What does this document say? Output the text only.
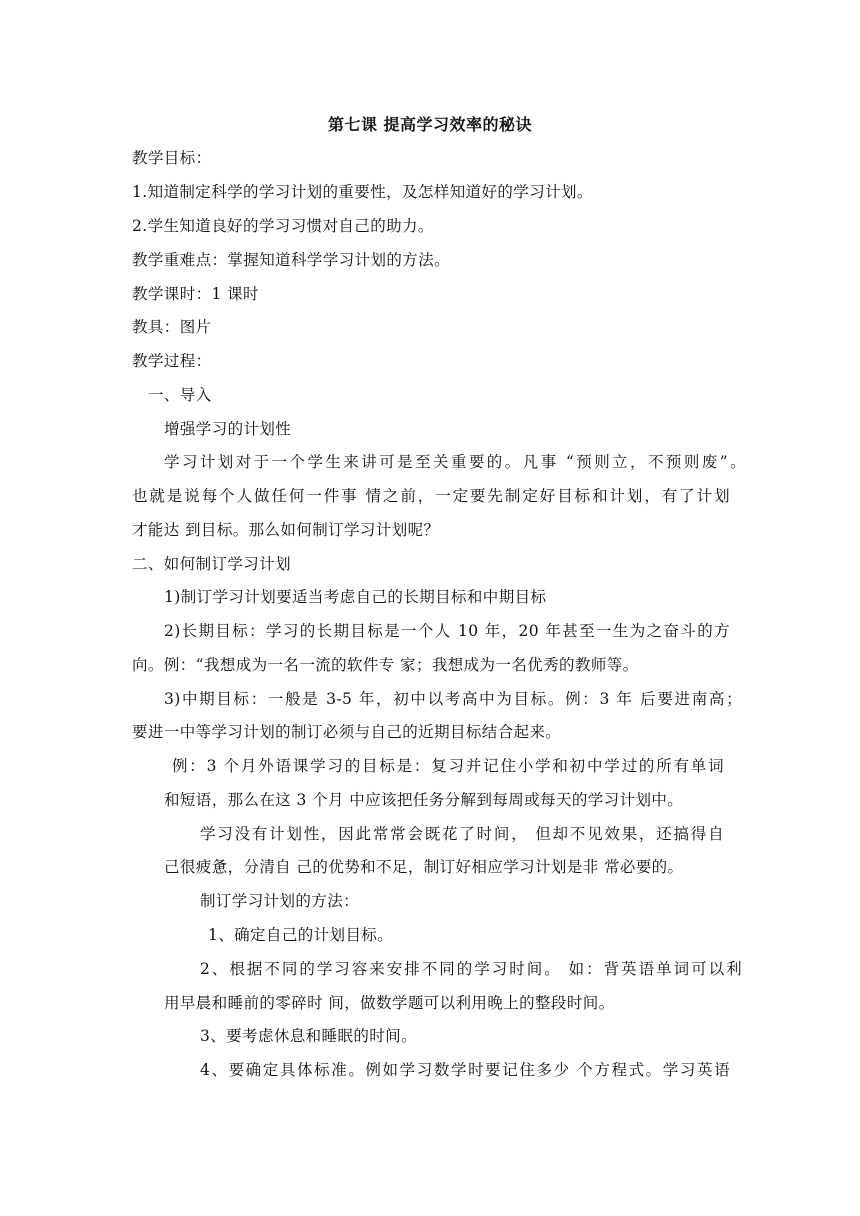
第七课 提高学习效率的秘诀
教学目标：
1.知道制定科学的学习计划的重要性，及怎样知道好的学习计划。
2.学生知道良好的学习习惯对自己的助力。
教学重难点：掌握知道科学学习计划的方法。
教学课时：1 课时
教具：图片
教学过程：
一、导入
增强学习的计划性
学习计划对于一个学生来讲可是至关重要的。凡事 “预则立，不预则废”。
也就是说每个人做任何一件事 情之前，一定要先制定好目标和计划，有了计划
才能达 到目标。那么如何制订学习计划呢？
二、如何制订学习计划
1)制订学习计划要适当考虑自己的长期目标和中期目标
2)长期目标：学习的长期目标是一个人 10 年，20 年甚至一生为之奋斗的方
向。例：“我想成为一名一流的软件专 家；我想成为一名优秀的教师等。
3)中期目标：一般是 3-5 年，初中以考高中为目标。例：3 年 后要进南高；
要进一中等学习计划的制订必须与自己的近期目标结合起来。
例：3 个月外语课学习的目标是：复习并记住小学和初中学过的所有单词
和短语，那么在这 3 个月 中应该把任务分解到每周或每天的学习计划中。
学习没有计划性，因此常常会既花了时间， 但却不见效果，还搞得自
己很疲惫，分清自 己的优势和不足，制订好相应学习计划是非 常必要的。
制订学习计划的方法：
1、确定自己的计划目标。
2、根据不同的学习容来安排不同的学习时间。 如：背英语单词可以利
用早晨和睡前的零碎时 间，做数学题可以利用晚上的整段时间。
3、要考虑休息和睡眠的时间。
4、要确定具体标准。例如学习数学时要记住多少 个方程式。学习英语
